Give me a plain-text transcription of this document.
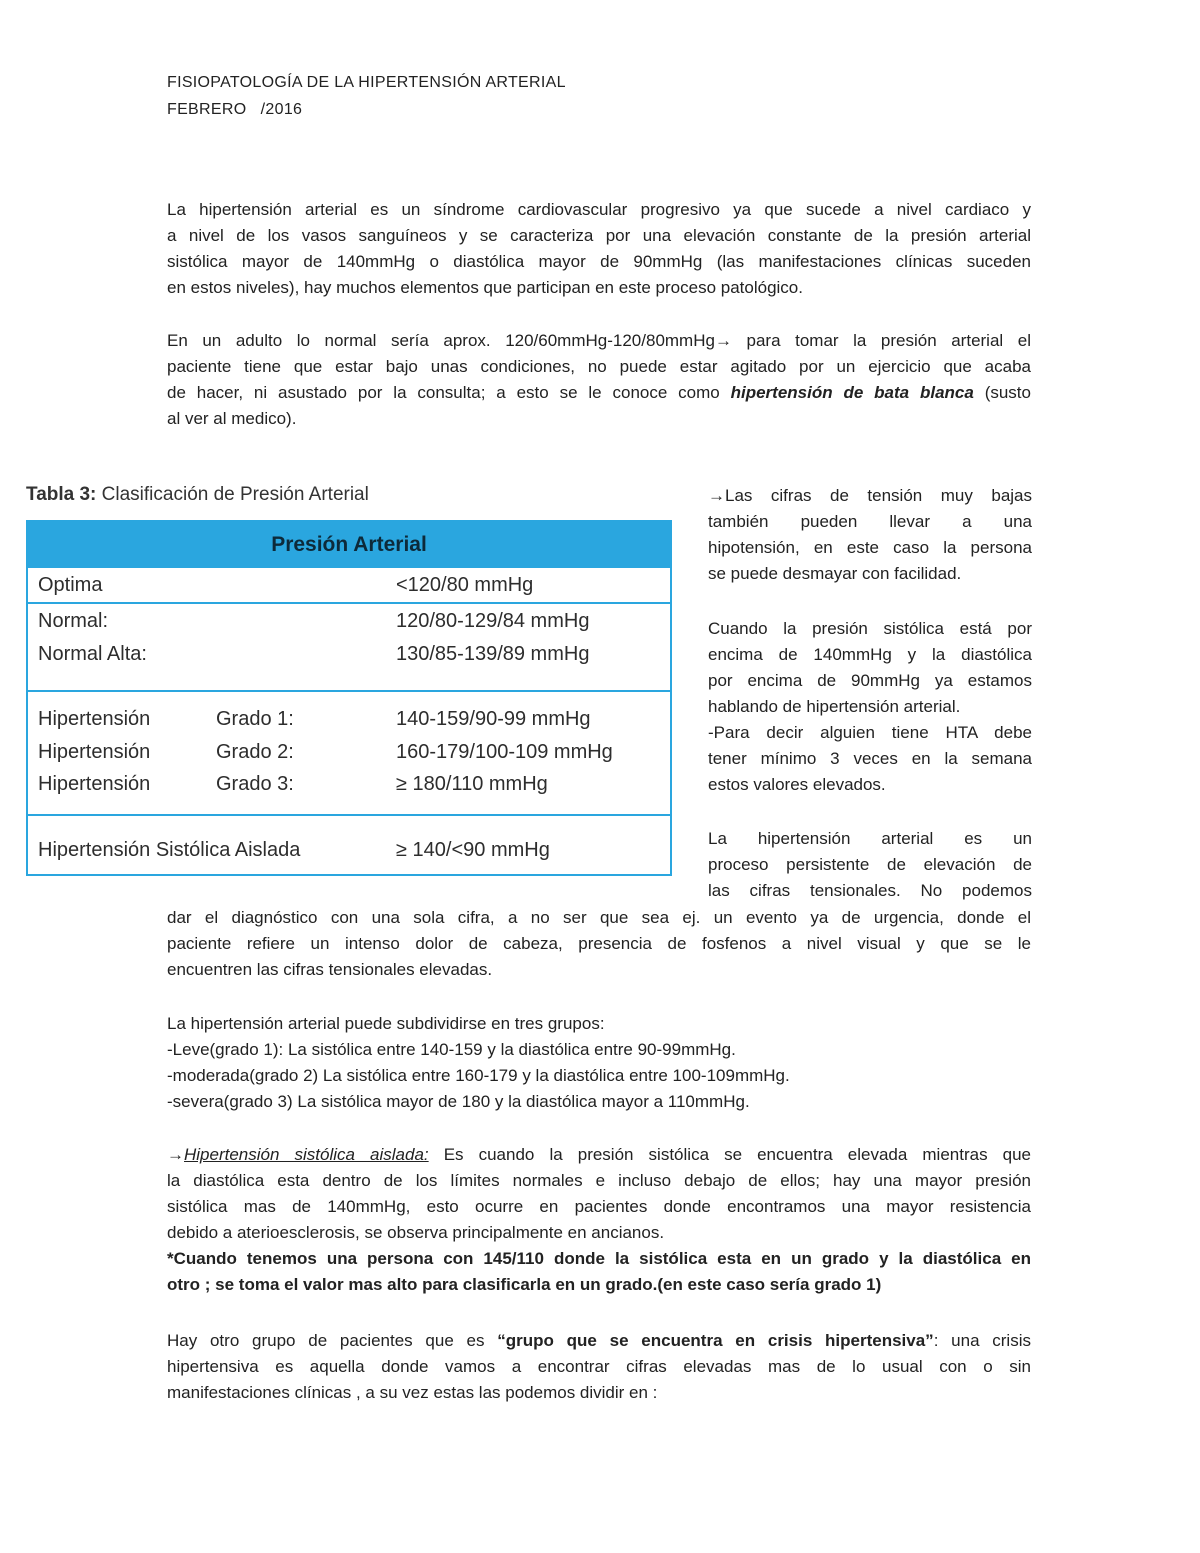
FISIOPATOLOGÍA DE LA HIPERTENSIÓN ARTERIAL
FEBRERO   /2016
La hipertensión arterial es un síndrome cardiovascular progresivo ya que sucede a nivel cardiaco y
a nivel de los vasos sanguíneos y se caracteriza por una elevación constante de la presión arterial
sistólica mayor de 140mmHg o diastólica mayor de 90mmHg (las manifestaciones clínicas suceden
en estos niveles), hay muchos elementos que participan en este proceso patológico.
En un adulto lo normal sería aprox. 120/60mmHg-120/80mmHg→ para tomar la presión arterial el
paciente tiene que estar bajo unas condiciones, no puede estar agitado por un ejercicio que acaba
de hacer, ni asustado por la consulta; a esto se le conoce como hipertensión de bata blanca (susto
al ver al medico).
Tabla 3: Clasificación de Presión Arterial
Presión Arterial
Optima	<120/80 mmHg
Normal:	120/80-129/84 mmHg
Normal Alta:	130/85-139/89 mmHg
Hipertensión	Grado 1:	140-159/90-99 mmHg
Hipertensión	Grado 2:	160-179/100-109 mmHg
Hipertensión	Grado 3:	≥ 180/110 mmHg
Hipertensión Sistólica Aislada	≥ 140/<90 mmHg
→Las cifras de tensión muy bajas
también pueden llevar a una
hipotensión, en este caso la persona
se puede desmayar con facilidad.
Cuando la presión sistólica está por
encima de 140mmHg y la diastólica
por encima de 90mmHg ya estamos
hablando de hipertensión arterial.
-Para decir alguien tiene HTA debe
tener mínimo 3 veces en la semana
estos valores elevados.
La hipertensión arterial es un
proceso persistente de elevación de
las cifras tensionales. No podemos
dar el diagnóstico con una sola cifra, a no ser que sea ej. un evento ya de urgencia, donde el
paciente refiere un intenso dolor de cabeza, presencia de fosfenos a nivel visual y que se le
encuentren las cifras tensionales elevadas.
La hipertensión arterial puede subdividirse en tres grupos:
-Leve(grado 1): La sistólica entre 140-159 y la diastólica entre 90-99mmHg.
-moderada(grado 2) La sistólica entre 160-179 y la diastólica entre 100-109mmHg.
-severa(grado 3) La sistólica mayor de 180 y la diastólica mayor a 110mmHg.
→Hipertensión sistólica aislada: Es cuando la presión sistólica se encuentra elevada mientras que
la diastólica esta dentro de los límites normales e incluso debajo de ellos; hay una mayor presión
sistólica mas de 140mmHg, esto ocurre en pacientes donde encontramos una mayor resistencia
debido a aterioesclerosis, se observa principalmente en ancianos.
*Cuando tenemos una persona con 145/110 donde la sistólica esta en un grado y la diastólica en
otro ; se toma el valor mas alto para clasificarla en un grado.(en este caso sería grado 1)
Hay otro grupo de pacientes que es “grupo que se encuentra en crisis hipertensiva”: una crisis
hipertensiva es aquella donde vamos a encontrar cifras elevadas mas de lo usual con o sin
manifestaciones clínicas , a su vez estas las podemos dividir en :
